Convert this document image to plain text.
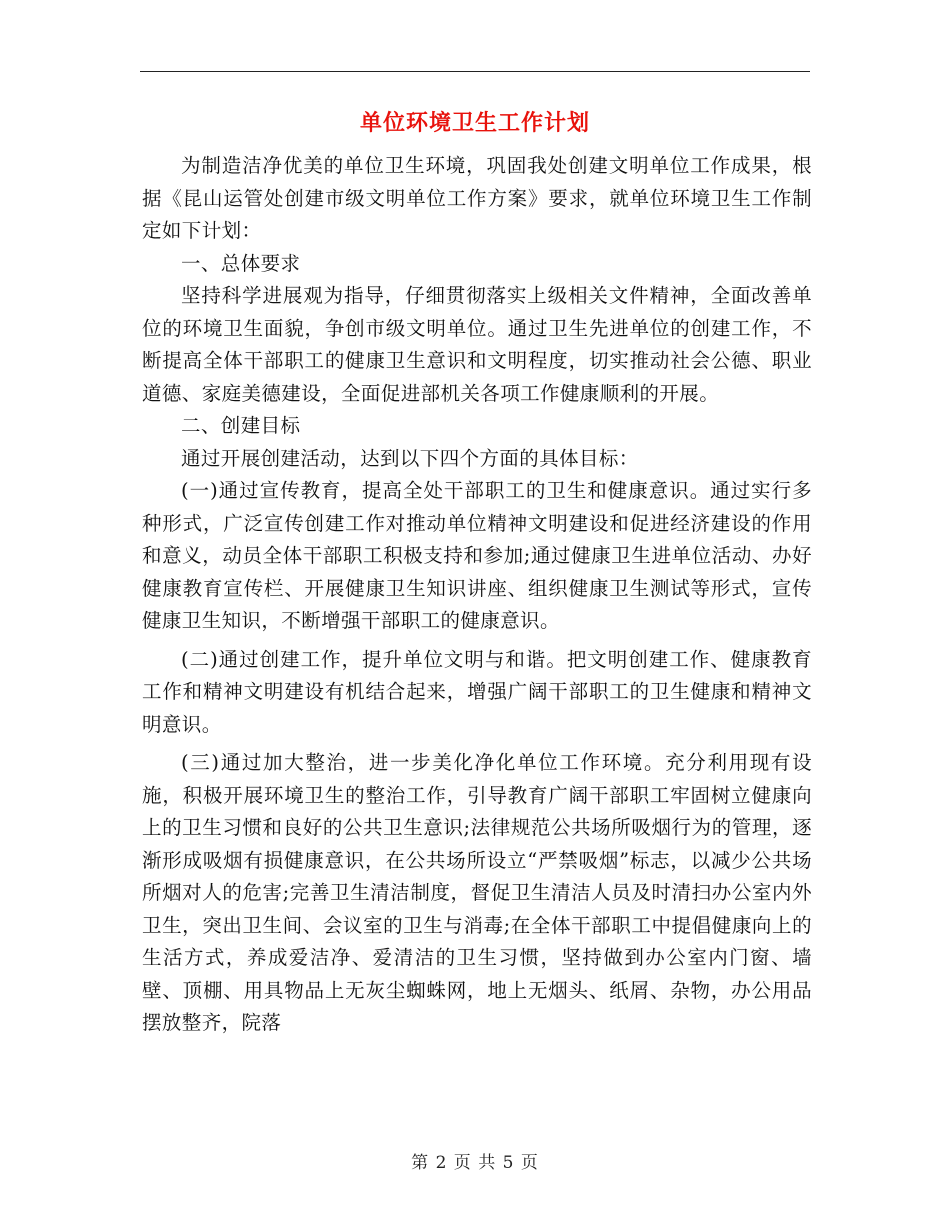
单位环境卫生工作计划

为制造洁净优美的单位卫生环境，巩固我处创建文明单位工作成果，根据《昆山运管处创建市级文明单位工作方案》要求，就单位环境卫生工作制定如下计划：

一、总体要求

坚持科学进展观为指导，仔细贯彻落实上级相关文件精神，全面改善单位的环境卫生面貌，争创市级文明单位。通过卫生先进单位的创建工作，不断提高全体干部职工的健康卫生意识和文明程度，切实推动社会公德、职业道德、家庭美德建设，全面促进部机关各项工作健康顺利的开展。

二、创建目标

通过开展创建活动，达到以下四个方面的具体目标：

(一)通过宣传教育，提高全处干部职工的卫生和健康意识。通过实行多种形式，广泛宣传创建工作对推动单位精神文明建设和促进经济建设的作用和意义，动员全体干部职工积极支持和参加;通过健康卫生进单位活动、办好健康教育宣传栏、开展健康卫生知识讲座、组织健康卫生测试等形式，宣传健康卫生知识，不断增强干部职工的健康意识。

(二)通过创建工作，提升单位文明与和谐。把文明创建工作、健康教育工作和精神文明建设有机结合起来，增强广阔干部职工的卫生健康和精神文明意识。

(三)通过加大整治，进一步美化净化单位工作环境。充分利用现有设施，积极开展环境卫生的整治工作，引导教育广阔干部职工牢固树立健康向上的卫生习惯和良好的公共卫生意识;法律规范公共场所吸烟行为的管理，逐渐形成吸烟有损健康意识，在公共场所设立“严禁吸烟”标志，以减少公共场所烟对人的危害;完善卫生清洁制度，督促卫生清洁人员及时清扫办公室内外卫生，突出卫生间、会议室的卫生与消毒;在全体干部职工中提倡健康向上的生活方式，养成爱洁净、爱清洁的卫生习惯，坚持做到办公室内门窗、墙壁、顶棚、用具物品上无灰尘蜘蛛网，地上无烟头、纸屑、杂物，办公用品摆放整齐，院落

第 2 页 共 5 页
